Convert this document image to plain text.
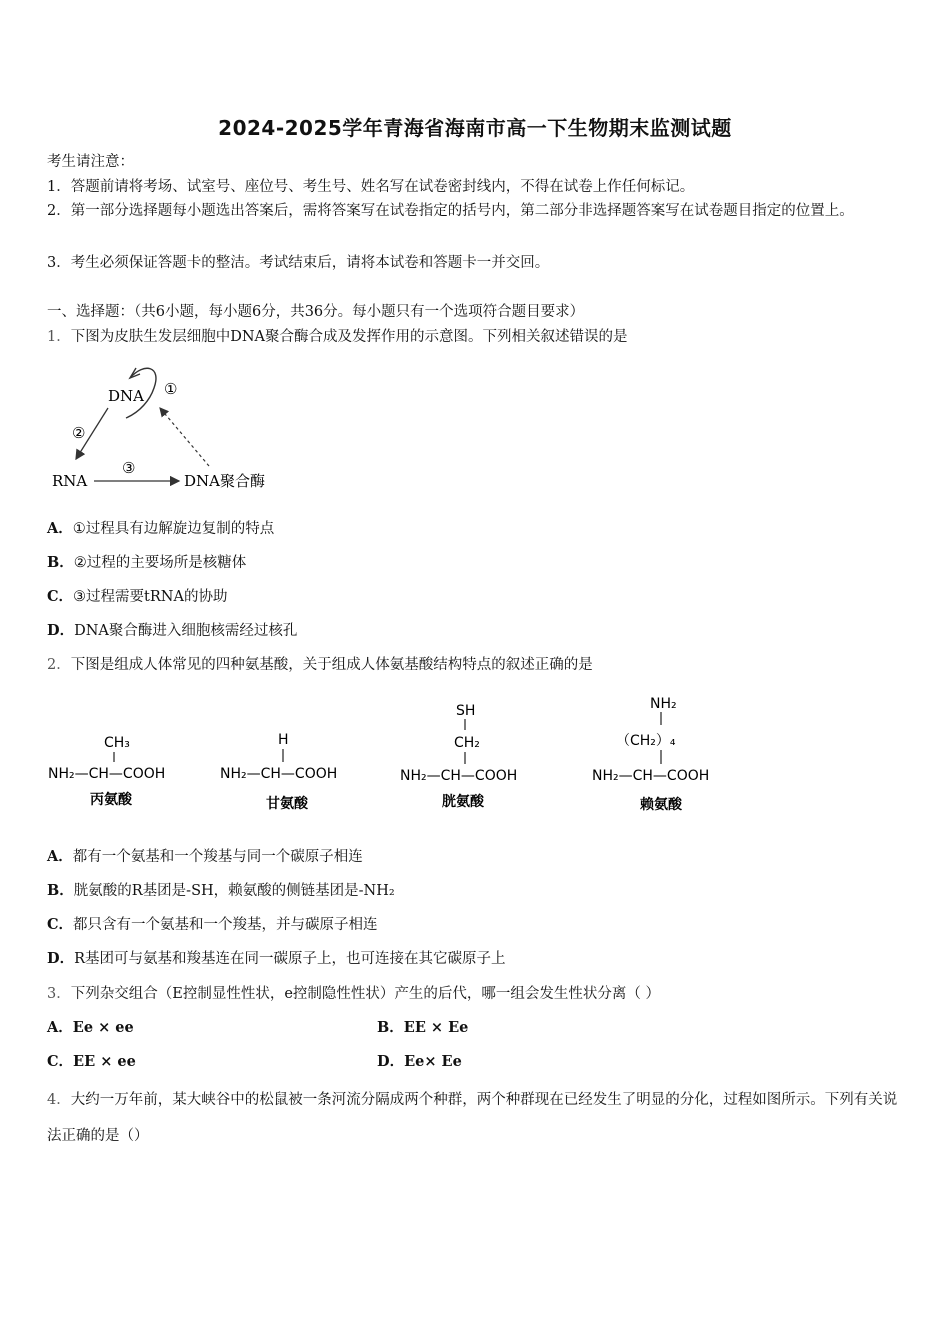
2024-2025学年青海省海南市高一下生物期末监测试题
考生请注意：
1．答题前请将考场、试室号、座位号、考生号、姓名写在试卷密封线内，不得在试卷上作任何标记。
2．第一部分选择题每小题选出答案后，需将答案写在试卷指定的括号内，第二部分非选择题答案写在试卷题目指定的位置上。
3．考生必须保证答题卡的整洁。考试结束后，请将本试卷和答题卡一并交回。
一、选择题：（共6小题，每小题6分，共36分。每小题只有一个选项符合题目要求）
1．下图为皮肤生发层细胞中DNA聚合酶合成及发挥作用的示意图。下列相关叙述错误的是
DNA ①
②
RNA
③
DNA聚合酶
A．①过程具有边解旋边复制的特点
B．②过程的主要场所是核糖体
C．③过程需要tRNA的协助
D．DNA聚合酶进入细胞核需经过核孔
2．下图是组成人体常见的四种氨基酸，关于组成人体氨基酸结构特点的叙述正确的是
CH₃
NH₂—CH—COOH
丙氨酸
H
NH₂—CH—COOH
甘氨酸
SH
CH₂
NH₂—CH—COOH
胱氨酸
NH₂
（CH₂）₄
NH₂—CH—COOH
赖氨酸
A．都有一个氨基和一个羧基与同一个碳原子相连
B．胱氨酸的R基团是-SH，赖氨酸的侧链基团是-NH₂
C．都只含有一个氨基和一个羧基，并与碳原子相连
D．R基团可与氨基和羧基连在同一碳原子上，也可连接在其它碳原子上
3．下列杂交组合（E控制显性性状，e控制隐性性状）产生的后代，哪一组会发生性状分离（ ）
A．Ee × ee	B．EE × Ee
C．EE × ee	D．Ee× Ee
4．大约一万年前，某大峡谷中的松鼠被一条河流分隔成两个种群，两个种群现在已经发生了明显的分化，过程如图所示。下列有关说法正确的是（）
